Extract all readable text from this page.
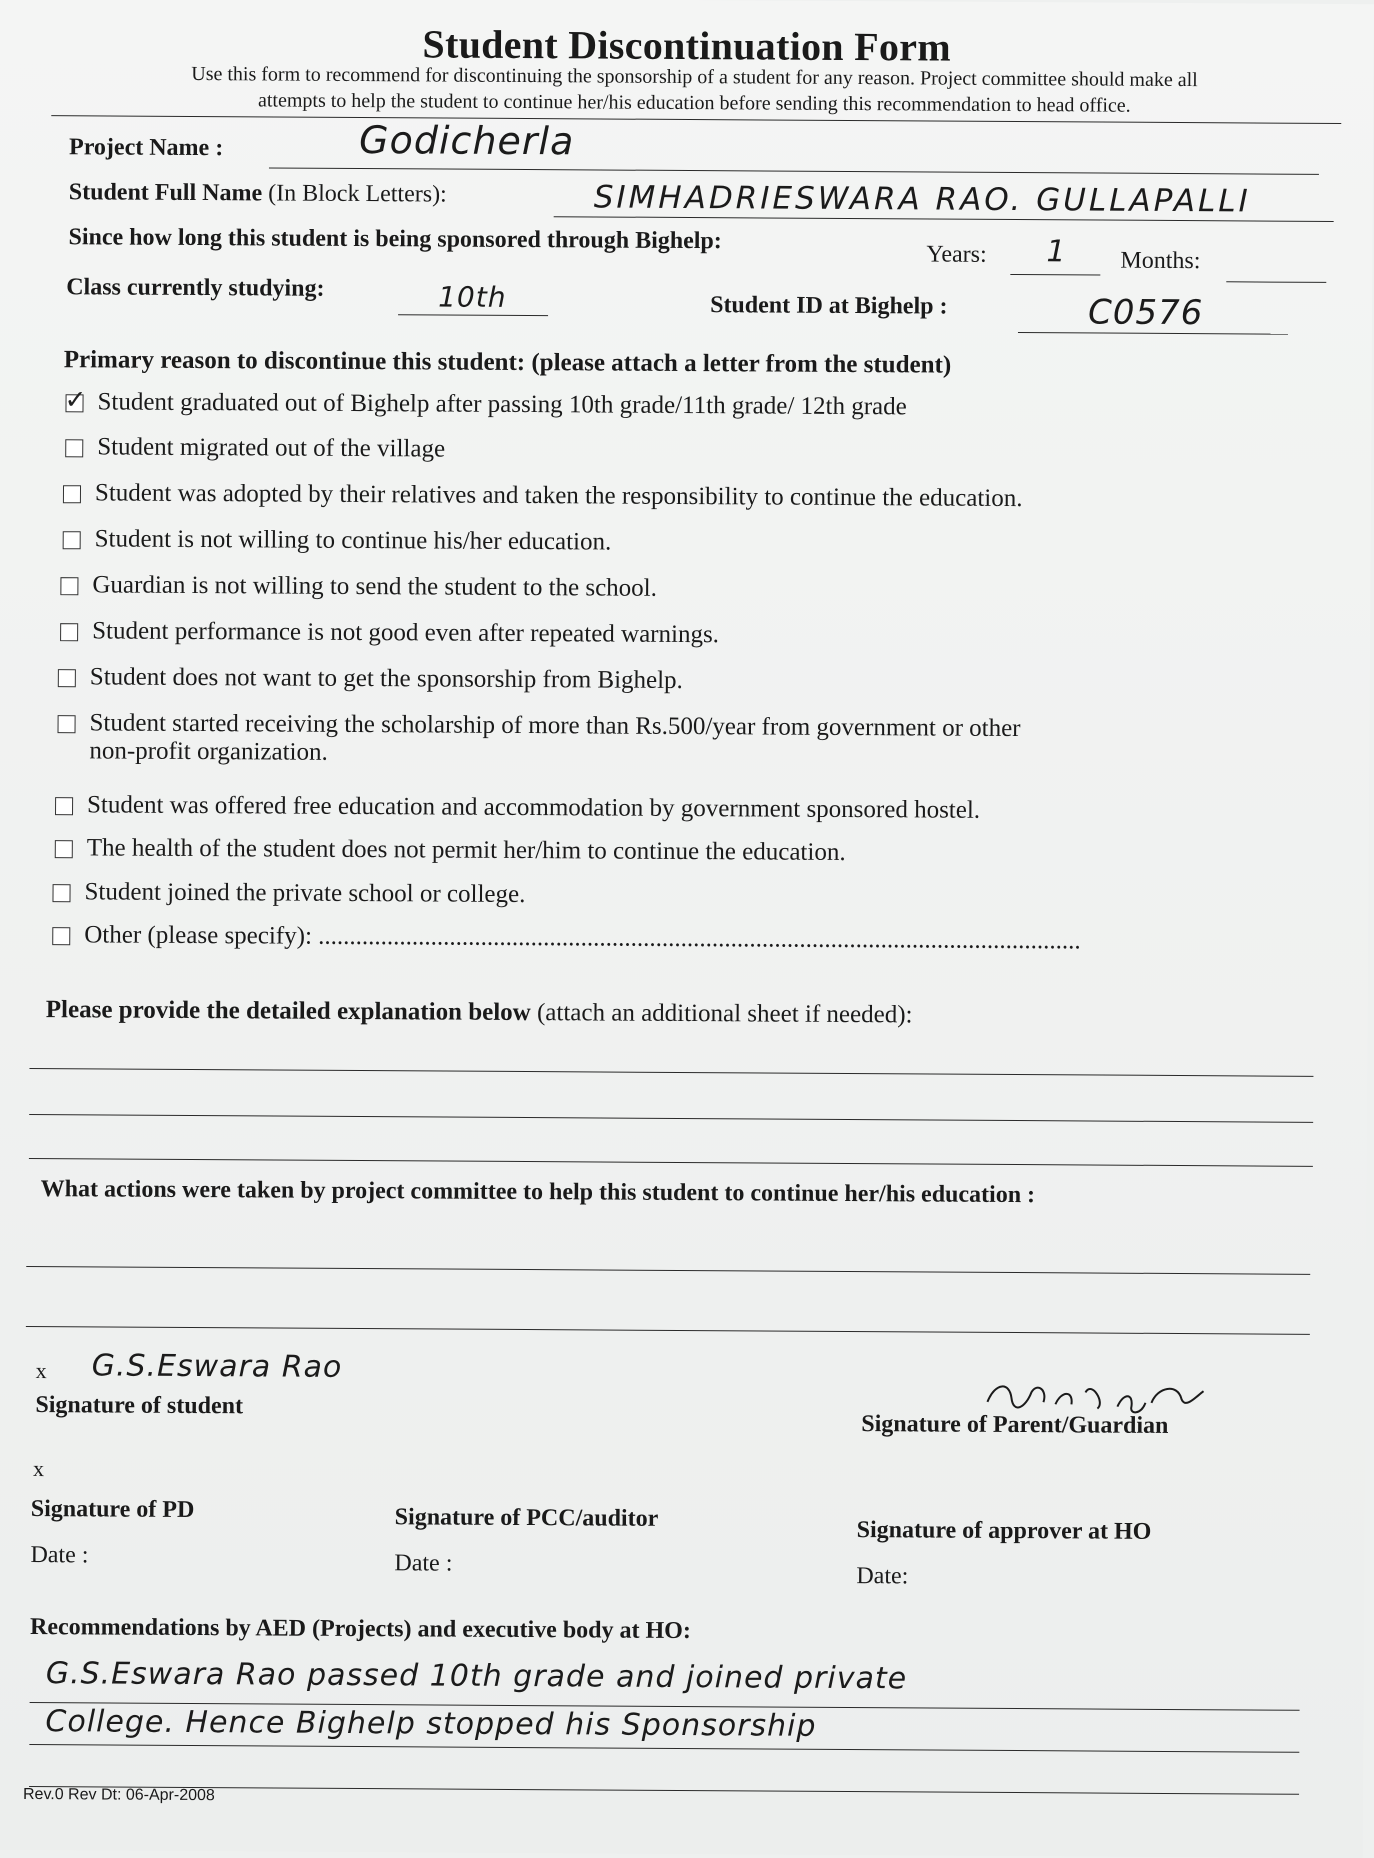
Student Discontinuation Form
Use this form to recommend for discontinuing the sponsorship of a student for any reason. Project committee should make all
attempts to help the student to continue her/his education before sending this recommendation to head office.
Project Name :	Godicherla
Student Full Name (In Block Letters):	SIMHADRIESWARA RAO. GULLAPALLI
Since how long this student is being sponsored through Bighelp:
Years: 1 Months:
Class currently studying:	10th	Student ID at Bighelp :	C0576
Primary reason to discontinue this student: (please attach a letter from the student)
✓
Student graduated out of Bighelp after passing 10th grade/11th grade/ 12th grade
Student migrated out of the village
Student was adopted by their relatives and taken the responsibility to continue the education.
Student is not willing to continue his/her education.
Guardian is not willing to send the student to the school.
Student performance is not good even after repeated warnings.
Student does not want to get the sponsorship from Bighelp.
Student started receiving the scholarship of more than Rs.500/year from government or other
non-profit organization.
Student was offered free education and accommodation by government sponsored hostel.
The health of the student does not permit her/him to continue the education.
Student joined the private school or college.
Other (please specify): ..........................................................................................................................
Please provide the detailed explanation below (attach an additional sheet if needed):
What actions were taken by project committee to help this student to continue her/his education :
x G.S.Eswara Rao
Signature of student
Signature of Parent/Guardian
x
Signature of PD
Date :
Signature of PCC/auditor
Date :
Signature of approver at HO
Date:
Recommendations by AED (Projects) and executive body at HO:
G.S.Eswara Rao passed 10th grade and joined private
College. Hence Bighelp stopped his Sponsorship
Rev.0 Rev Dt: 06-Apr-2008
